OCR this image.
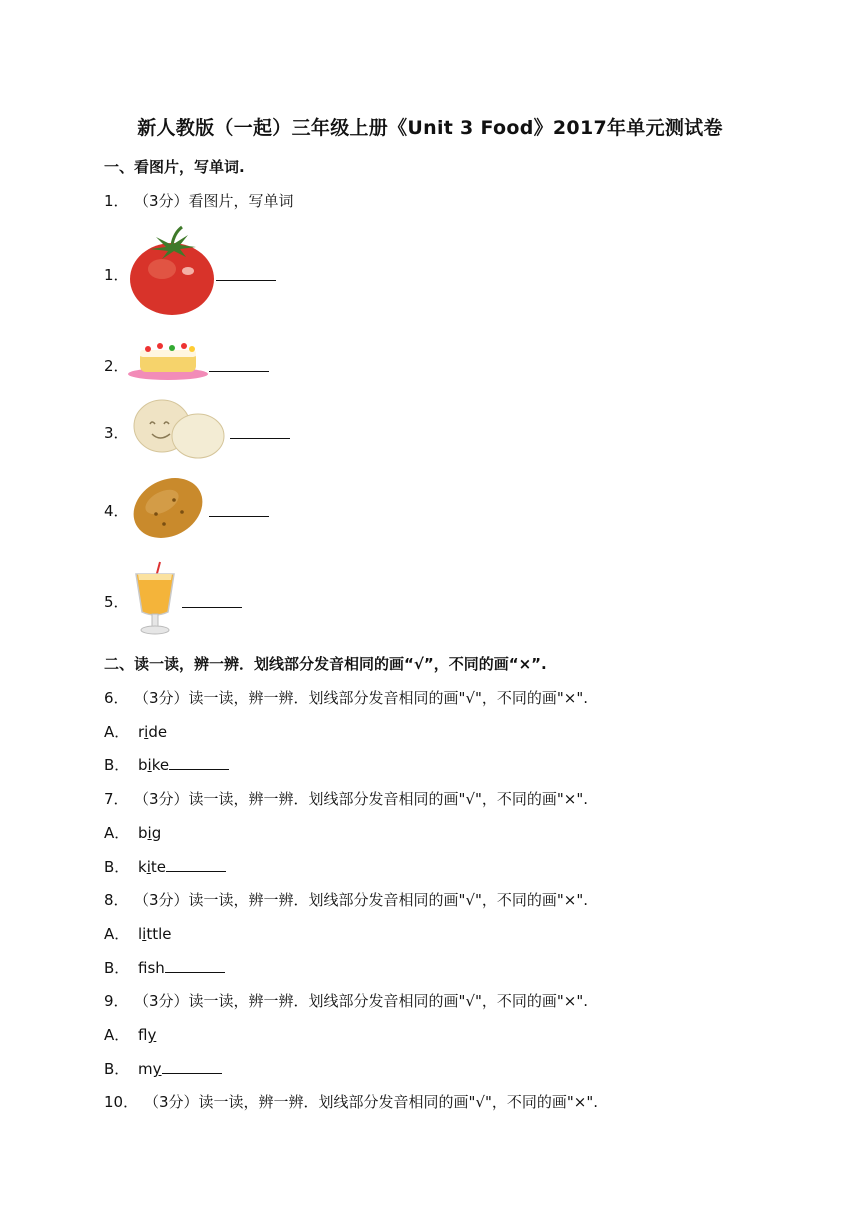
新人教版（一起）三年级上册《Unit 3 Food》2017年单元测试卷
一、看图片，写单词.
1． （3分）看图片，写单词
1．
2．
3．
4．
5．
二、读一读，辨一辨．划线部分发音相同的画“√”，不同的画“×”.
6． （3分）读一读，辨一辨．划线部分发音相同的画"√"，不同的画"×".
A． ride
B． bike
7． （3分）读一读，辨一辨．划线部分发音相同的画"√"，不同的画"×".
A． big
B． kite
8． （3分）读一读，辨一辨．划线部分发音相同的画"√"，不同的画"×".
A． little
B． fsh
9． （3分）读一读，辨一辨．划线部分发音相同的画"√"，不同的画"×".
A． fly
B． my
10． （3分）读一读，辨一辨．划线部分发音相同的画"√"，不同的画"×".
